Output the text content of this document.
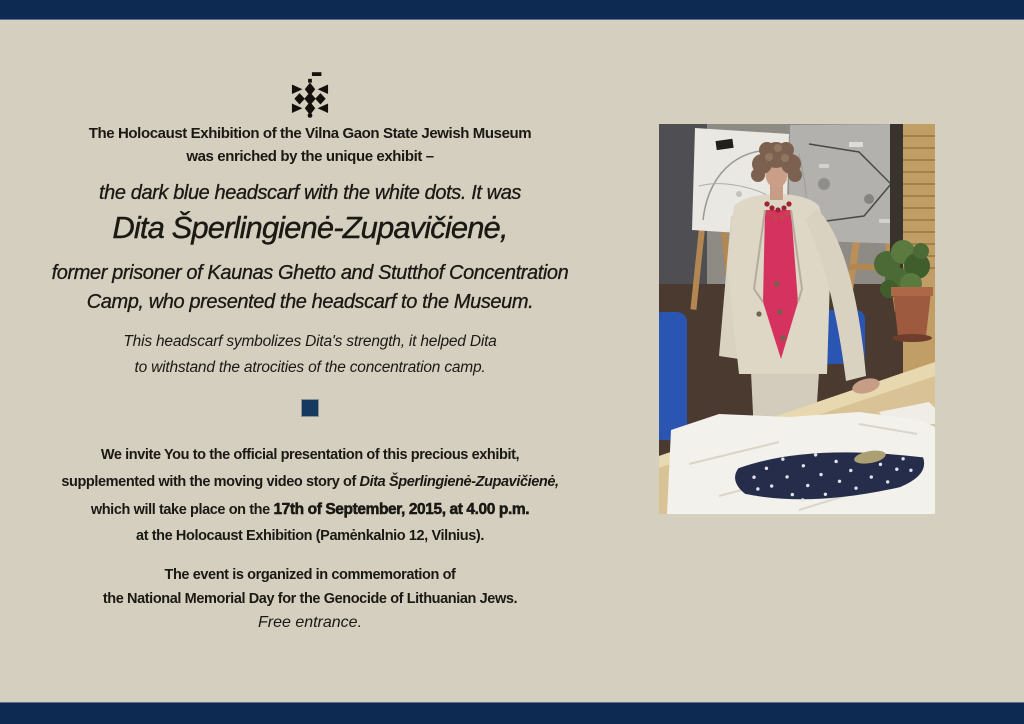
The Holocaust Exhibition of the Vilna Gaon State Jewish Museum
was enriched by the unique exhibit –
the dark blue headscarf with the white dots. It was
Dita Šperlingienė-Zupavičienė,
former prisoner of Kaunas Ghetto and Stutthof Concentration
Camp, who presented the headscarf to the Museum.
This headscarf symbolizes Dita's strength, it helped Dita
to withstand the atrocities of the concentration camp.
We invite You to the official presentation of this precious exhibit,
supplemented with the moving video story of Dita Šperlingienė-Zupavičienė,
which will take place on the 17th of September, 2015, at 4.00 p.m.
at the Holocaust Exhibition (Pamėnkalnio 12, Vilnius).
The event is organized in commemoration of
the National Memorial Day for the Genocide of Lithuanian Jews.
Free entrance.
